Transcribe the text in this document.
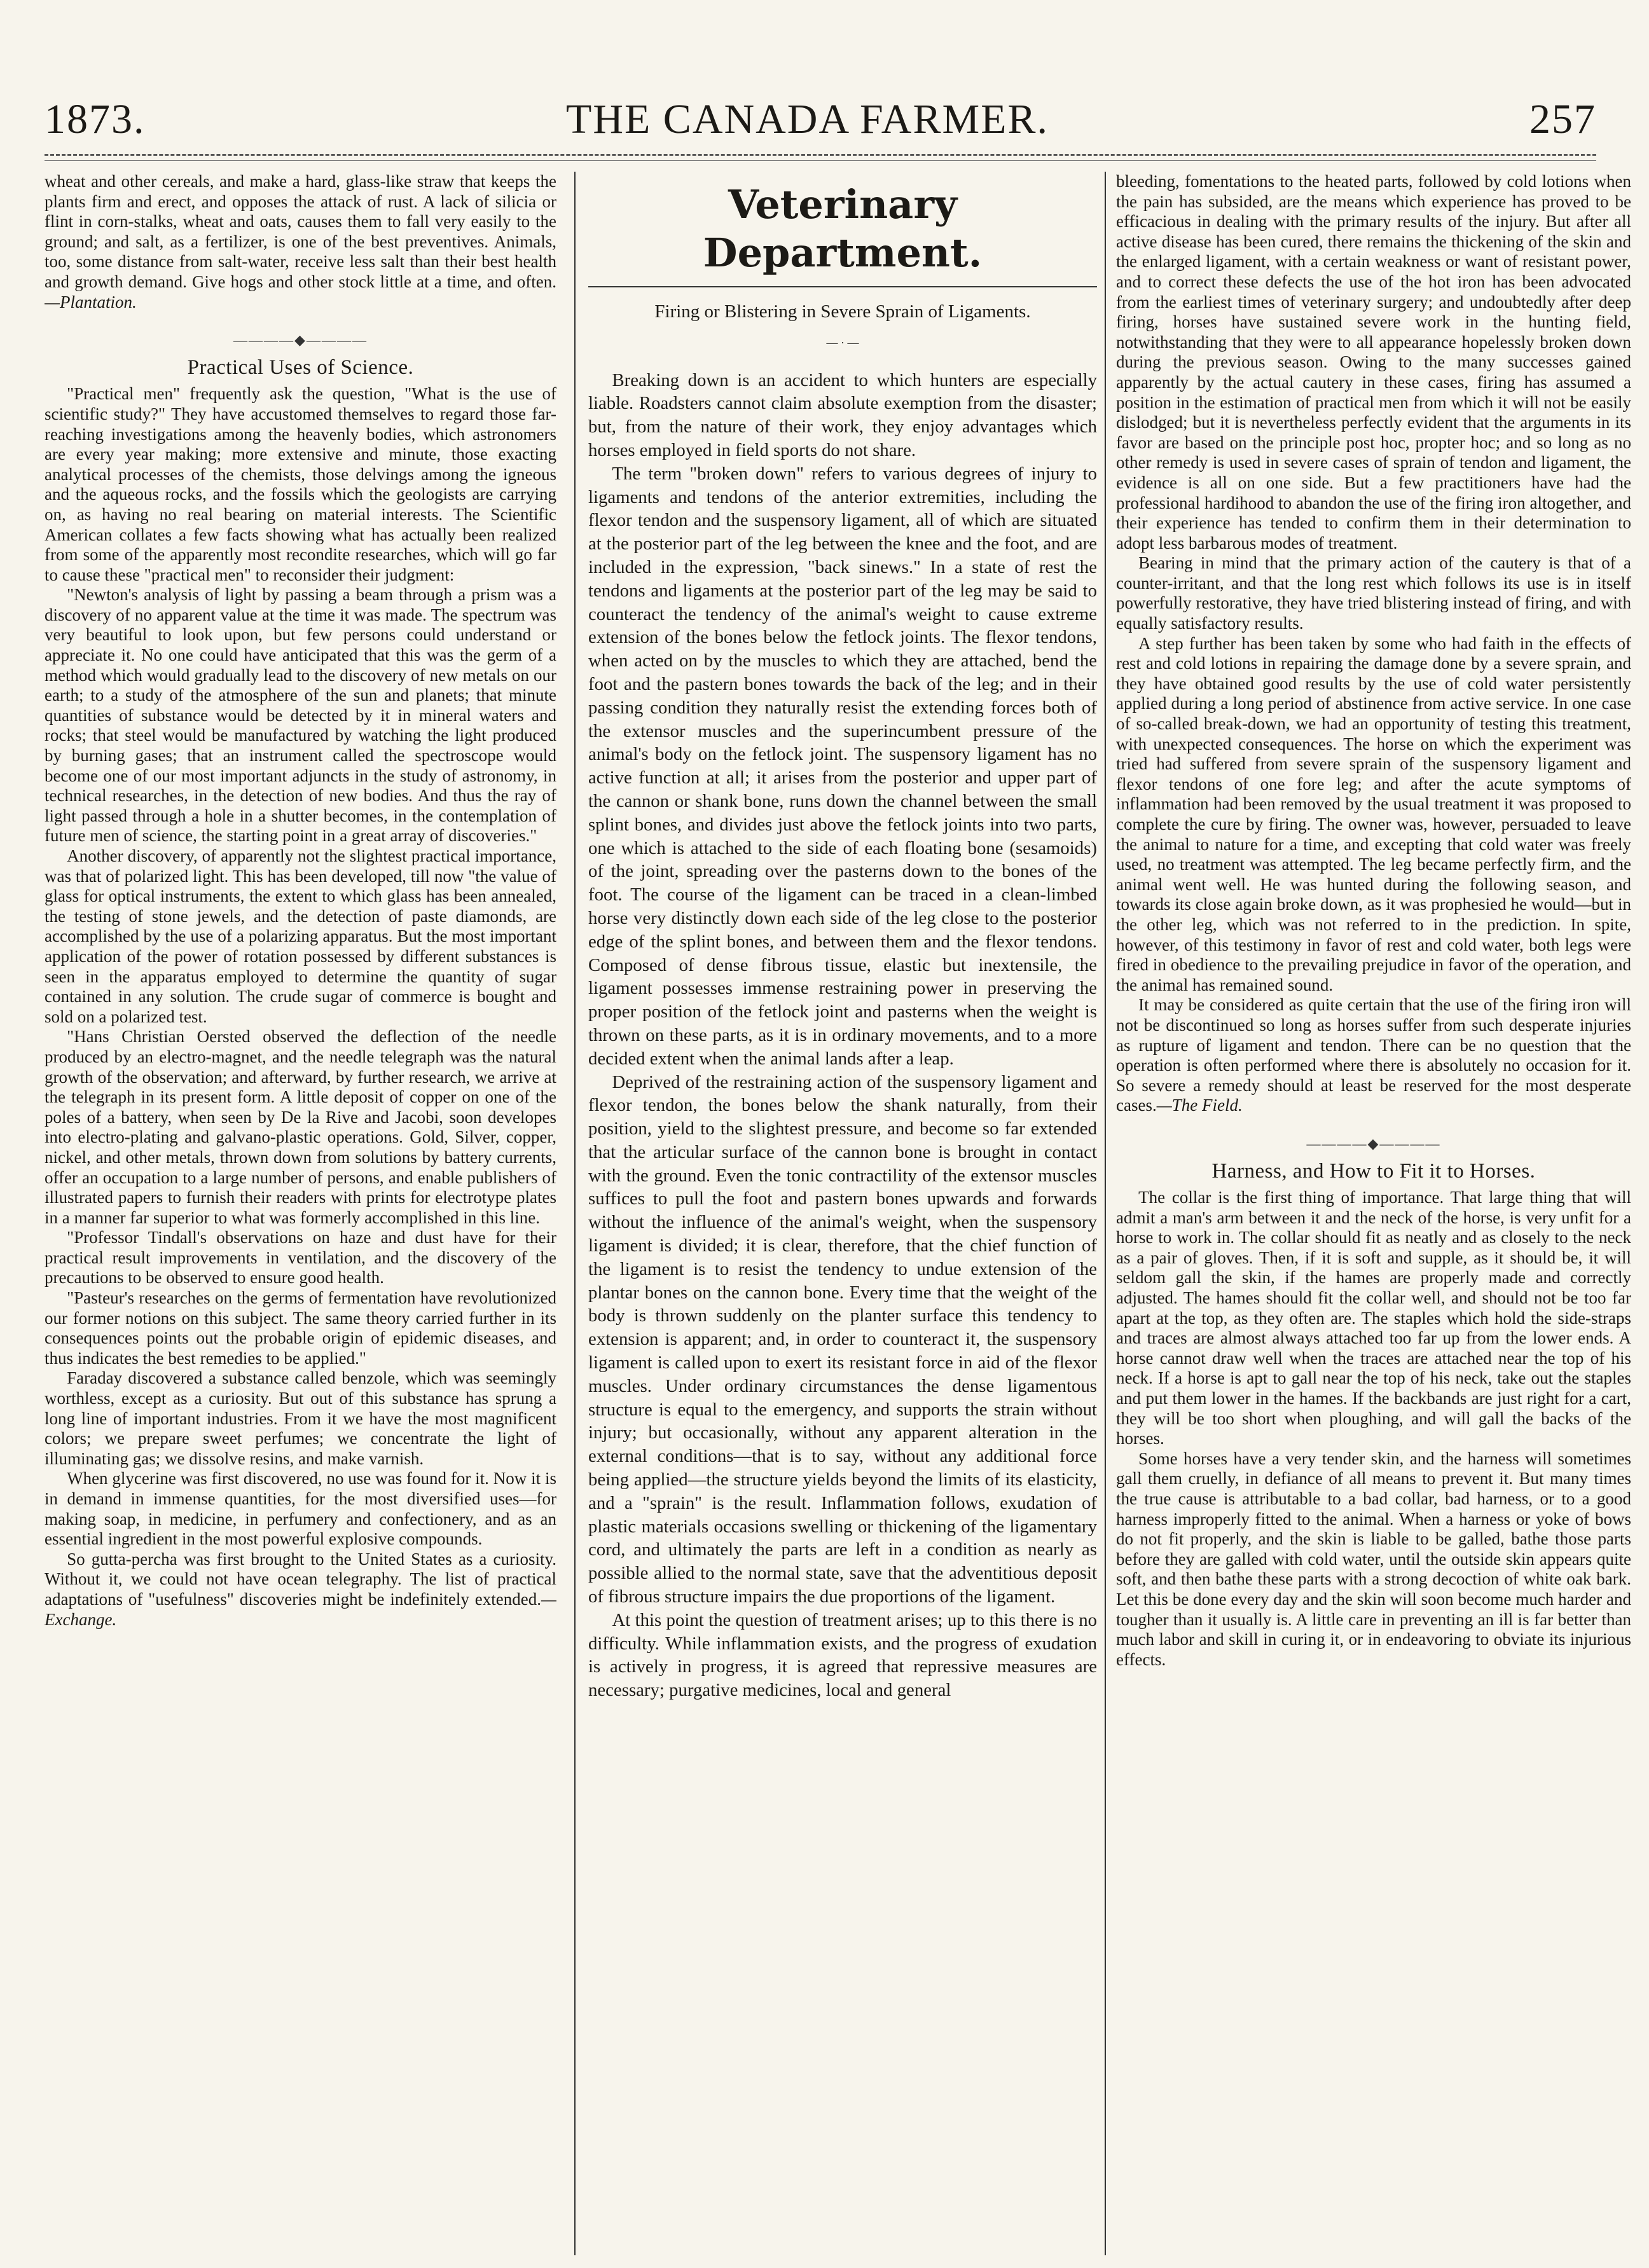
1873.	THE CANADA FARMER.	257

wheat and other cereals, and make a hard, glass-like straw that keeps the plants firm and erect, and opposes the attack of rust. A lack of silicia or flint in corn-stalks, wheat and oats, causes them to fall very easily to the ground; and salt, as a fertilizer, is one of the best preventives. Animals, too, some distance from salt-water, receive less salt than their best health and growth demand. Give hogs and other stock little at a time, and often. —Plantation.

————◆————
Practical Uses of Science.

"Practical men" frequently ask the question, "What is the use of scientific study?" They have accustomed themselves to regard those far-reaching investigations among the heavenly bodies, which astronomers are every year making; more extensive and minute, those exacting analytical processes of the chemists, those delvings among the igneous and the aqueous rocks, and the fossils which the geologists are carrying on, as having no real bearing on material interests. The Scientific American collates a few facts showing what has actually been realized from some of the apparently most recondite researches, which will go far to cause these "practical men" to reconsider their judgment:

"Newton's analysis of light by passing a beam through a prism was a discovery of no apparent value at the time it was made. The spectrum was very beautiful to look upon, but few persons could understand or appreciate it. No one could have anticipated that this was the germ of a method which would gradually lead to the discovery of new metals on our earth; to a study of the atmosphere of the sun and planets; that minute quantities of substance would be detected by it in mineral waters and rocks; that steel would be manufactured by watching the light produced by burning gases; that an instrument called the spectroscope would become one of our most important adjuncts in the study of astronomy, in technical researches, in the detection of new bodies. And thus the ray of light passed through a hole in a shutter becomes, in the contemplation of future men of science, the starting point in a great array of discoveries."

Another discovery, of apparently not the slightest practical importance, was that of polarized light. This has been developed, till now "the value of glass for optical instruments, the extent to which glass has been annealed, the testing of stone jewels, and the detection of paste diamonds, are accomplished by the use of a polarizing apparatus. But the most important application of the power of rotation possessed by different substances is seen in the apparatus employed to determine the quantity of sugar contained in any solution. The crude sugar of commerce is bought and sold on a polarized test.

"Hans Christian Oersted observed the deflection of the needle produced by an electro-magnet, and the needle telegraph was the natural growth of the observation; and afterward, by further research, we arrive at the telegraph in its present form. A little deposit of copper on one of the poles of a battery, when seen by De la Rive and Jacobi, soon developes into electro-plating and galvano-plastic operations. Gold, Silver, copper, nickel, and other metals, thrown down from solutions by battery currents, offer an occupation to a large number of persons, and enable publishers of illustrated papers to furnish their readers with prints for electrotype plates in a manner far superior to what was formerly accomplished in this line.

"Professor Tindall's observations on haze and dust have for their practical result improvements in ventilation, and the discovery of the precautions to be observed to ensure good health.

"Pasteur's researches on the germs of fermentation have revolutionized our former notions on this subject. The same theory carried further in its consequences points out the probable origin of epidemic diseases, and thus indicates the best remedies to be applied."

Faraday discovered a substance called benzole, which was seemingly worthless, except as a curiosity. But out of this substance has sprung a long line of important industries. From it we have the most magnificent colors; we prepare sweet perfumes; we concentrate the light of illuminating gas; we dissolve resins, and make varnish.

When glycerine was first discovered, no use was found for it. Now it is in demand in immense quantities, for the most diversified uses—for making soap, in medicine, in perfumery and confectionery, and as an essential ingredient in the most powerful explosive compounds.

So gutta-percha was first brought to the United States as a curiosity. Without it, we could not have ocean telegraphy. The list of practical adaptations of "usefulness" discoveries might be indefinitely extended.—Exchange.

Veterinary Department.
Firing or Blistering in Severe Sprain of Ligaments.
— · —

Breaking down is an accident to which hunters are especially liable. Roadsters cannot claim absolute exemption from the disaster; but, from the nature of their work, they enjoy advantages which horses employed in field sports do not share.

The term "broken down" refers to various degrees of injury to ligaments and tendons of the anterior extremities, including the flexor tendon and the suspensory ligament, all of which are situated at the posterior part of the leg between the knee and the foot, and are included in the expression, "back sinews." In a state of rest the tendons and ligaments at the posterior part of the leg may be said to counteract the tendency of the animal's weight to cause extreme extension of the bones below the fetlock joints. The flexor tendons, when acted on by the muscles to which they are attached, bend the foot and the pastern bones towards the back of the leg; and in their passing condition they naturally resist the extending forces both of the extensor muscles and the superincumbent pressure of the animal's body on the fetlock joint. The suspensory ligament has no active function at all; it arises from the posterior and upper part of the cannon or shank bone, runs down the channel between the small splint bones, and divides just above the fetlock joints into two parts, one which is attached to the side of each floating bone (sesamoids) of the joint, spreading over the pasterns down to the bones of the foot. The course of the ligament can be traced in a clean-limbed horse very distinctly down each side of the leg close to the posterior edge of the splint bones, and between them and the flexor tendons. Composed of dense fibrous tissue, elastic but inextensile, the ligament possesses immense restraining power in preserving the proper position of the fetlock joint and pasterns when the weight is thrown on these parts, as it is in ordinary movements, and to a more decided extent when the animal lands after a leap.

Deprived of the restraining action of the suspensory ligament and flexor tendon, the bones below the shank naturally, from their position, yield to the slightest pressure, and become so far extended that the articular surface of the cannon bone is brought in contact with the ground. Even the tonic contractility of the extensor muscles suffices to pull the foot and pastern bones upwards and forwards without the influence of the animal's weight, when the suspensory ligament is divided; it is clear, therefore, that the chief function of the ligament is to resist the tendency to undue extension of the plantar bones on the cannon bone. Every time that the weight of the body is thrown suddenly on the planter surface this tendency to extension is apparent; and, in order to counteract it, the suspensory ligament is called upon to exert its resistant force in aid of the flexor muscles. Under ordinary circumstances the dense ligamentous structure is equal to the emergency, and supports the strain without injury; but occasionally, without any apparent alteration in the external conditions—that is to say, without any additional force being applied—the structure yields beyond the limits of its elasticity, and a "sprain" is the result. Inflammation follows, exudation of plastic materials occasions swelling or thickening of the ligamentary cord, and ultimately the parts are left in a condition as nearly as possible allied to the normal state, save that the adventitious deposit of fibrous structure impairs the due proportions of the ligament.

At this point the question of treatment arises; up to this there is no difficulty. While inflammation exists, and the progress of exudation is actively in progress, it is agreed that repressive measures are necessary; purgative medicines, local and general

bleeding, fomentations to the heated parts, followed by cold lotions when the pain has subsided, are the means which experience has proved to be efficacious in dealing with the primary results of the injury. But after all active disease has been cured, there remains the thickening of the skin and the enlarged ligament, with a certain weakness or want of resistant power, and to correct these defects the use of the hot iron has been advocated from the earliest times of veterinary surgery; and undoubtedly after deep firing, horses have sustained severe work in the hunting field, notwithstanding that they were to all appearance hopelessly broken down during the previous season. Owing to the many successes gained apparently by the actual cautery in these cases, firing has assumed a position in the estimation of practical men from which it will not be easily dislodged; but it is nevertheless perfectly evident that the arguments in its favor are based on the principle post hoc, propter hoc; and so long as no other remedy is used in severe cases of sprain of tendon and ligament, the evidence is all on one side. But a few practitioners have had the professional hardihood to abandon the use of the firing iron altogether, and their experience has tended to confirm them in their determination to adopt less barbarous modes of treatment.

Bearing in mind that the primary action of the cautery is that of a counter-irritant, and that the long rest which follows its use is in itself powerfully restorative, they have tried blistering instead of firing, and with equally satisfactory results.

A step further has been taken by some who had faith in the effects of rest and cold lotions in repairing the damage done by a severe sprain, and they have obtained good results by the use of cold water persistently applied during a long period of abstinence from active service. In one case of so-called break-down, we had an opportunity of testing this treatment, with unexpected consequences. The horse on which the experiment was tried had suffered from severe sprain of the suspensory ligament and flexor tendons of one fore leg; and after the acute symptoms of inflammation had been removed by the usual treatment it was proposed to complete the cure by firing. The owner was, however, persuaded to leave the animal to nature for a time, and excepting that cold water was freely used, no treatment was attempted. The leg became perfectly firm, and the animal went well. He was hunted during the following season, and towards its close again broke down, as it was prophesied he would—but in the other leg, which was not referred to in the prediction. In spite, however, of this testimony in favor of rest and cold water, both legs were fired in obedience to the prevailing prejudice in favor of the operation, and the animal has remained sound.

It may be considered as quite certain that the use of the firing iron will not be discontinued so long as horses suffer from such desperate injuries as rupture of ligament and tendon. There can be no question that the operation is often performed where there is absolutely no occasion for it. So severe a remedy should at least be reserved for the most desperate cases.—The Field.

————◆————
Harness, and How to Fit it to Horses.

The collar is the first thing of importance. That large thing that will admit a man's arm between it and the neck of the horse, is very unfit for a horse to work in. The collar should fit as neatly and as closely to the neck as a pair of gloves. Then, if it is soft and supple, as it should be, it will seldom gall the skin, if the hames are properly made and correctly adjusted. The hames should fit the collar well, and should not be too far apart at the top, as they often are. The staples which hold the side-straps and traces are almost always attached too far up from the lower ends. A horse cannot draw well when the traces are attached near the top of his neck. If a horse is apt to gall near the top of his neck, take out the staples and put them lower in the hames. If the backbands are just right for a cart, they will be too short when ploughing, and will gall the backs of the horses.

Some horses have a very tender skin, and the harness will sometimes gall them cruelly, in defiance of all means to prevent it. But many times the true cause is attributable to a bad collar, bad harness, or to a good harness improperly fitted to the animal. When a harness or yoke of bows do not fit properly, and the skin is liable to be galled, bathe those parts before they are galled with cold water, until the outside skin appears quite soft, and then bathe these parts with a strong decoction of white oak bark. Let this be done every day and the skin will soon become much harder and tougher than it usually is. A little care in preventing an ill is far better than much labor and skill in curing it, or in endeavoring to obviate its injurious effects.
